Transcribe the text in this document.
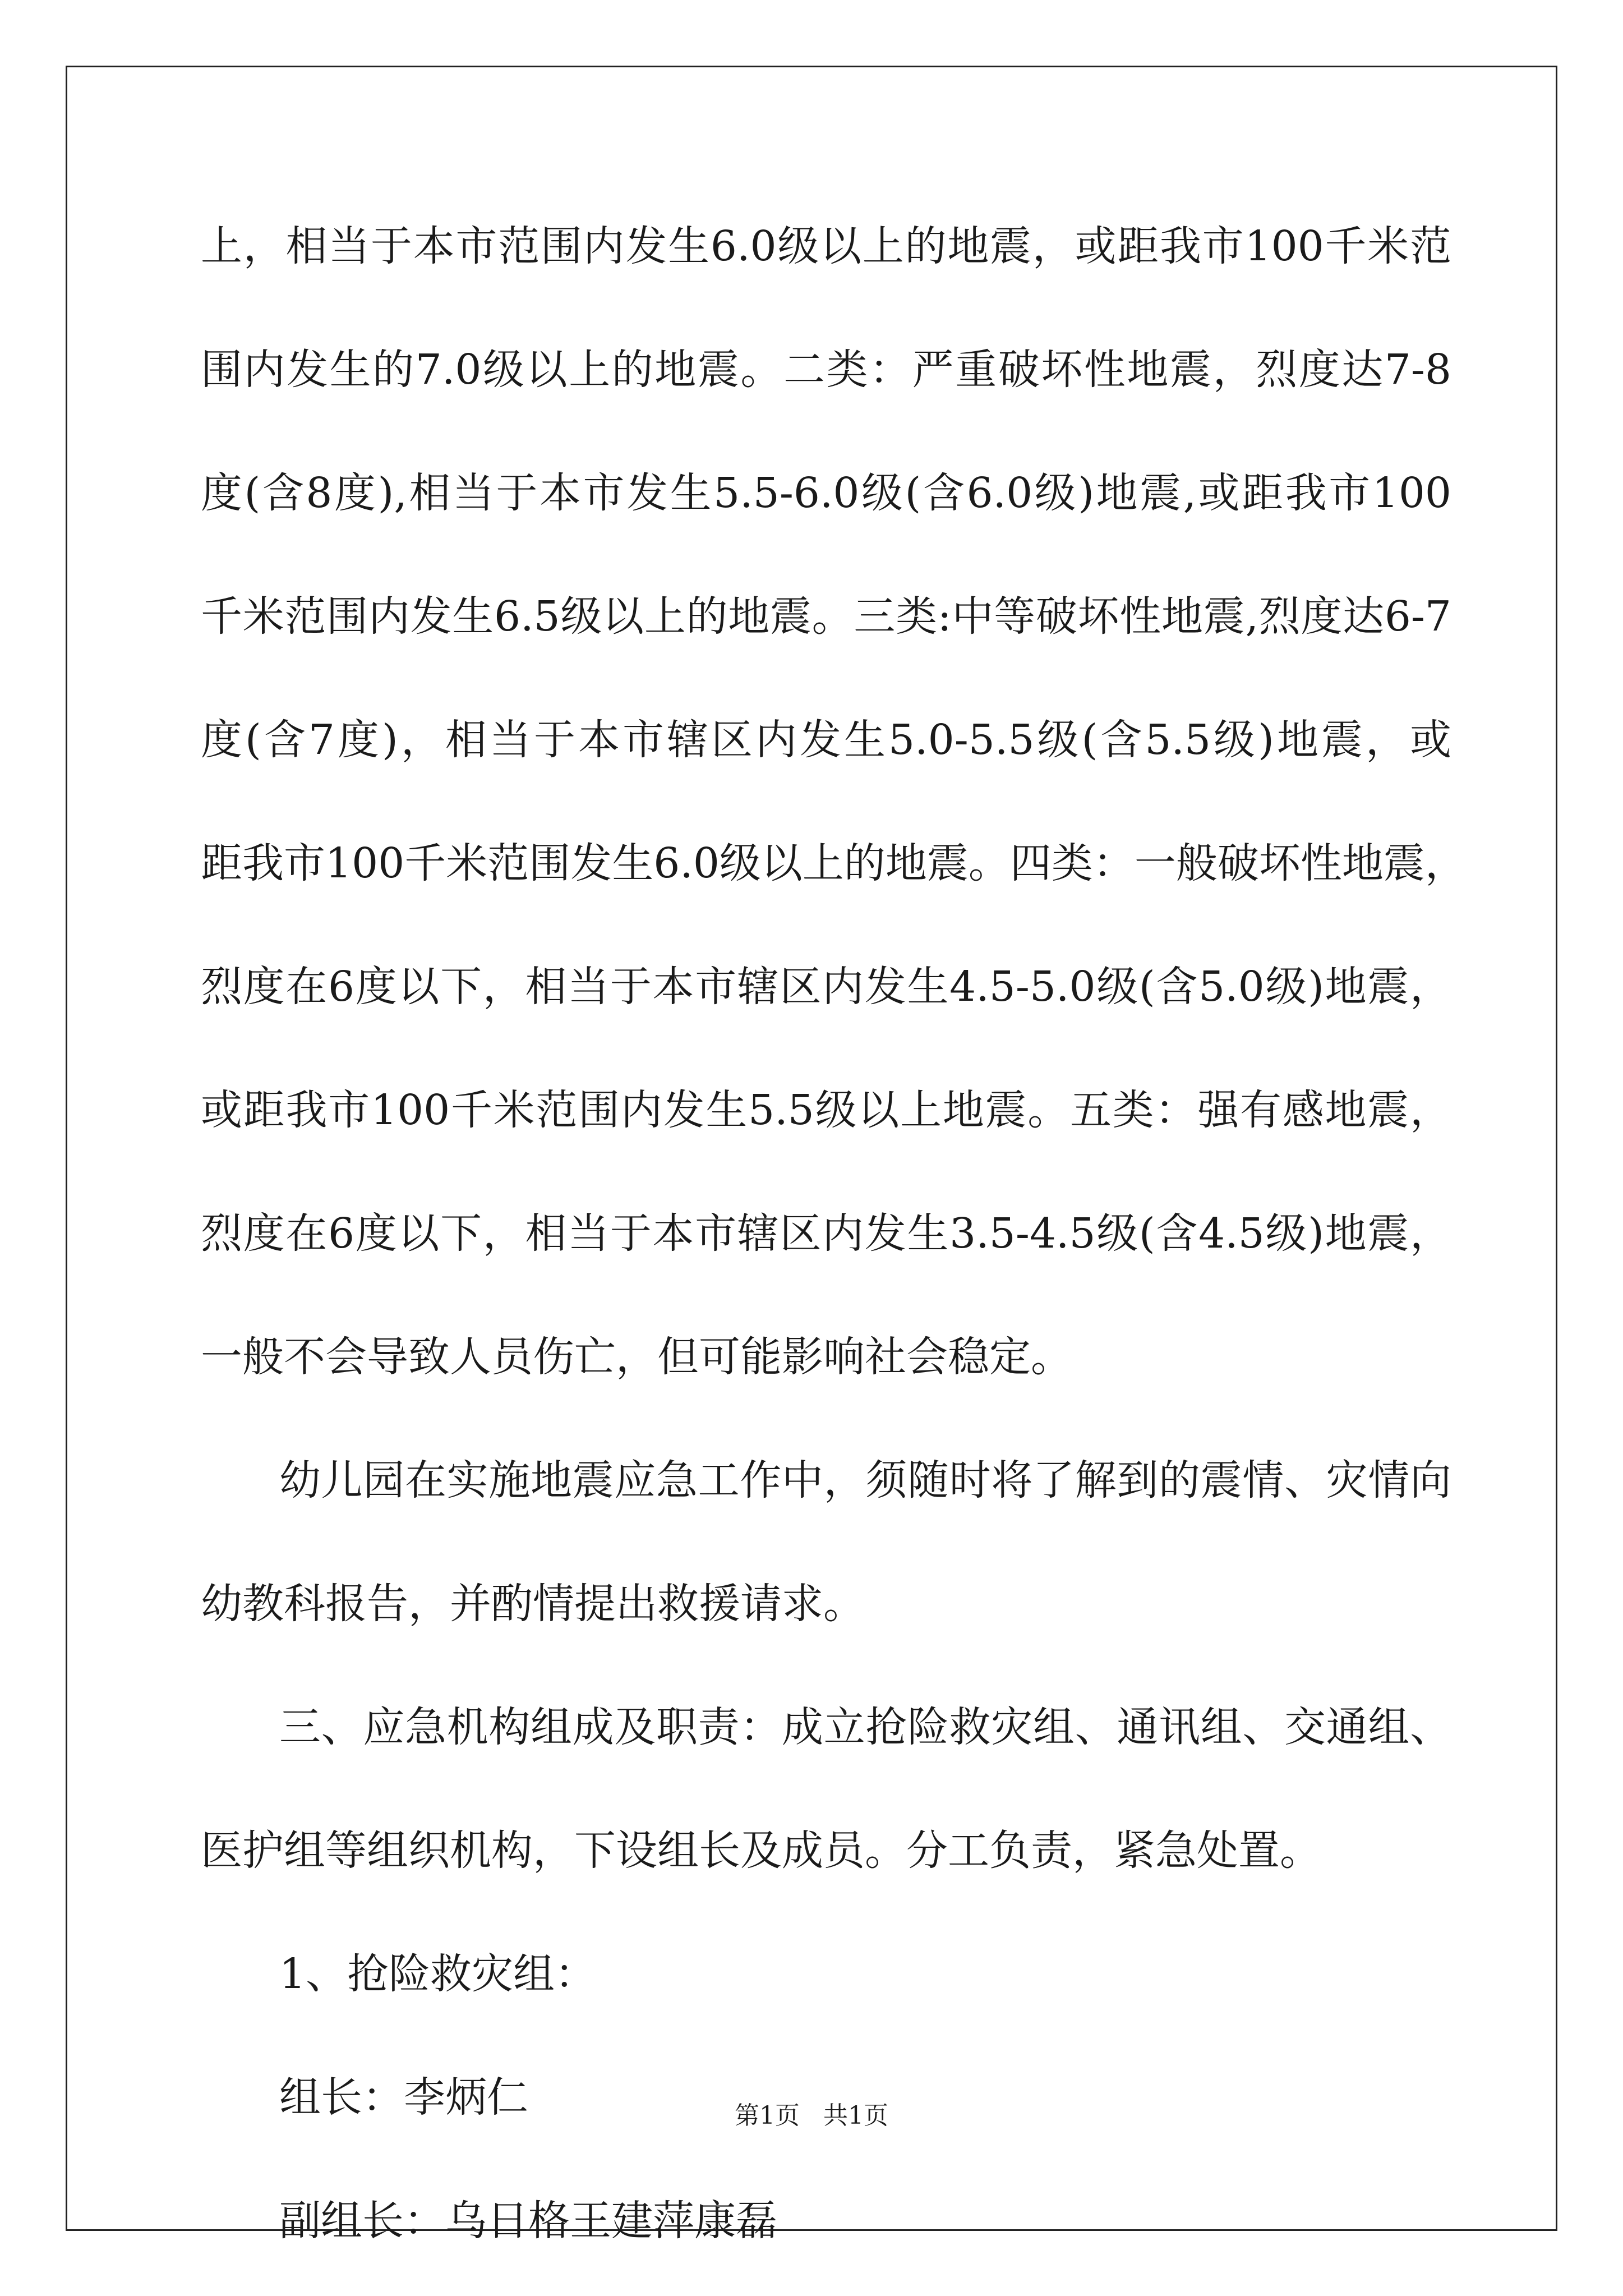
上，相当于本市范围内发生6.0级以上的地震，或距我市100千米范
围内发生的7.0级以上的地震。二类：严重破坏性地震，烈度达7-8
度(含8度),相当于本市发生5.5-6.0级(含6.0级)地震,或距我市100
千米范围内发生6.5级以上的地震。三类:中等破坏性地震,烈度达6-7
度(含7度)，相当于本市辖区内发生5.0-5.5级(含5.5级)地震，或
距我市100千米范围发生6.0级以上的地震。四类：一般破坏性地震，
烈度在6度以下，相当于本市辖区内发生4.5-5.0级(含5.0级)地震，
或距我市100千米范围内发生5.5级以上地震。五类：强有感地震，
烈度在6度以下，相当于本市辖区内发生3.5-4.5级(含4.5级)地震，
一般不会导致人员伤亡，但可能影响社会稳定。
幼儿园在实施地震应急工作中，须随时将了解到的震情、灾情向
幼教科报告，并酌情提出救援请求。
三、应急机构组成及职责：成立抢险救灾组、通讯组、交通组、
医护组等组织机构，下设组长及成员。分工负责，紧急处置。
1、抢险救灾组：
组长：李炳仁
副组长：乌日格王建萍康磊
第1页   共1页
